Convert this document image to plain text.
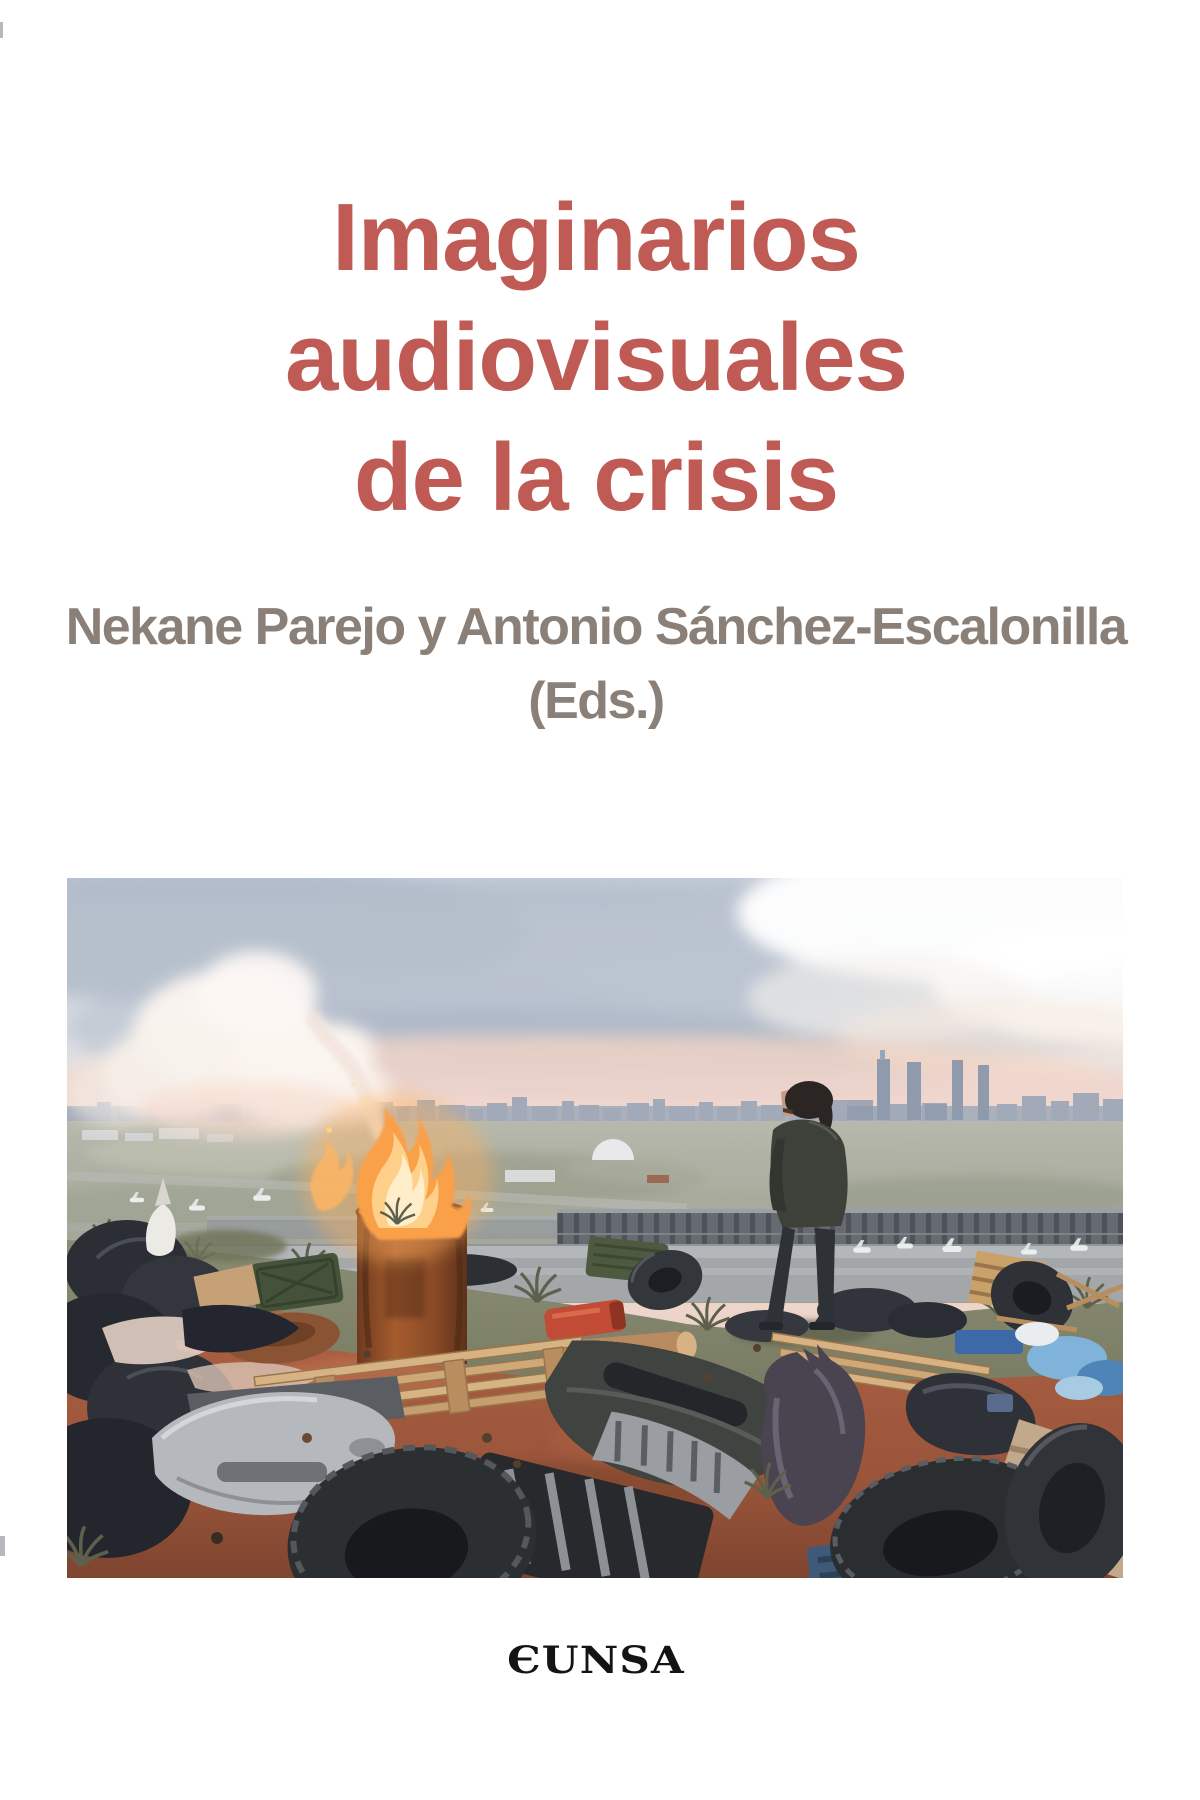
Imaginarios
audiovisuales
de la crisis
Nekane Parejo y Antonio Sánchez-Escalonilla
(Eds.)
ЄUNSA
